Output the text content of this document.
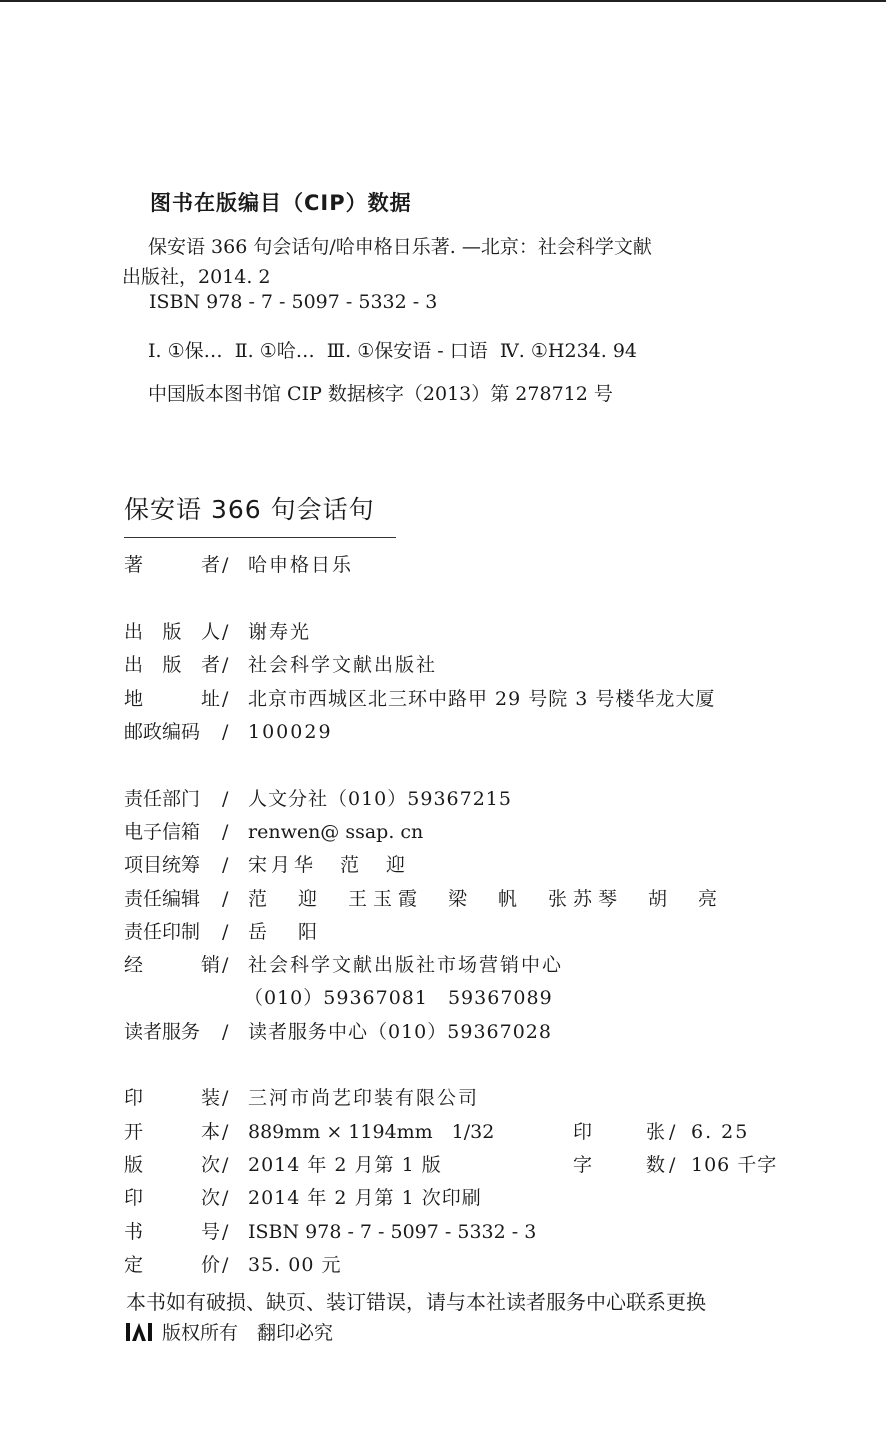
图书在版编目（CIP）数据
保安语 366 句会话句/哈申格日乐著. —北京：社会科学文献
出版社，2014. 2
ISBN 978 - 7 - 5097 - 5332 - 3
Ⅰ. ①保…  Ⅱ. ①哈…  Ⅲ. ①保安语 - 口语  Ⅳ. ①H234. 94
中国版本图书馆 CIP 数据核字（2013）第 278712 号
保安语 366 句会话句
著	者 /	哈申格日乐
出 版 人 /	谢寿光
出 版 者 /	社会科学文献出版社
地	址 /	北京市西城区北三环中路甲 29 号院 3 号楼华龙大厦
邮政编码 /	100029
责任部门 /	人文分社（010）59367215
电子信箱 /	renwen@ ssap. cn
项目统筹 /	宋月华　范　迎
责任编辑 /	范　迎　王玉霞　梁　帆　张苏琴　胡　亮
责任印制 /	岳　阳
经	销 /	社会科学文献出版社市场营销中心
（010）59367081　59367089
读者服务 /	读者服务中心（010）59367028
印	装 /	三河市尚艺印装有限公司
开	本 /	889mm × 1194mm　1/32	印	张 / 6. 25
版	次 /	2014 年 2 月第 1 版	字	数 / 106 千字
印	次 /	2014 年 2 月第 1 次印刷
书	号 /	ISBN 978 - 7 - 5097 - 5332 - 3
定	价 /	35. 00 元
本书如有破损、缺页、装订错误，请与本社读者服务中心联系更换
版权所有　翻印必究
